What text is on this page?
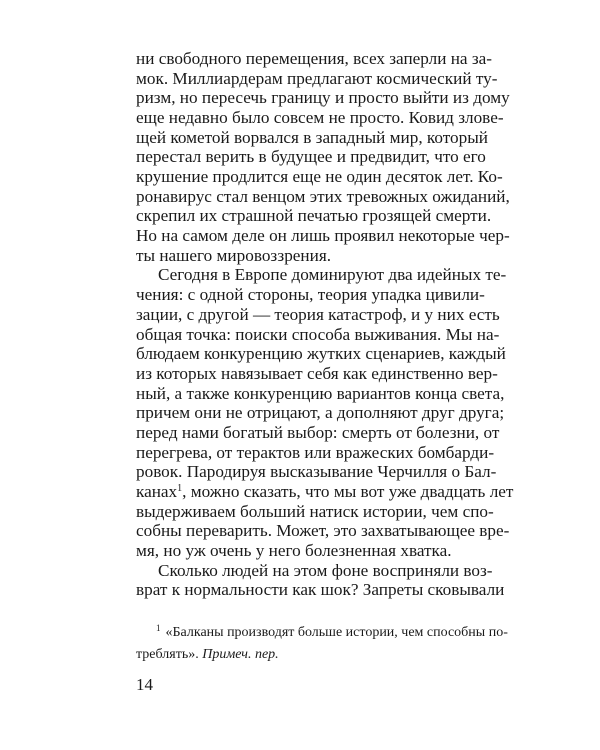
ни свободного перемещения, всех заперли на за-
мок. Миллиардерам предлагают космический ту-
ризм, но пересечь границу и просто выйти из дому
еще недавно было совсем не просто. Ковид зловe-
щей кометой ворвался в западный мир, который
перестал верить в будущее и предвидит, что его
крушение продлится еще не один десяток лет. Ко-
ронавирус стал венцом этих тревожных ожиданий,
скрепил их страшной печатью грозящей смерти.
Но на самом деле он лишь проявил некоторые чер-
ты нашего мировоззрения.
Сегодня в Европе доминируют два идейных те-
чения: с одной стороны, теория упадка цивили-
зации, с другой — теория катастроф, и у них есть
общая точка: поиски способа выживания. Мы на-
блюдаем конкуренцию жутких сценариев, каждый
из которых навязывает себя как единственно вер-
ный, а также конкуренцию вариантов конца света,
причем они не отрицают, а дополняют друг друга;
перед нами богатый выбор: смерть от болезни, от
перегрева, от терактов или вражеских бомбарди-
ровок. Пародируя высказывание Черчилля о Бал-
канах$^1$, можно сказать, что мы вот уже двадцать лет
выдерживаем больший натиск истории, чем спо-
собны переварить. Может, это захватывающее вре-
мя, но уж очень у него болезненная хватка.
Сколько людей на этом фоне восприняли воз-
врат к нормальности как шок? Запреты сковывали
14
$^1$ «Балканы производят больше истории, чем способны по-
треблять». Примеч. пер.
